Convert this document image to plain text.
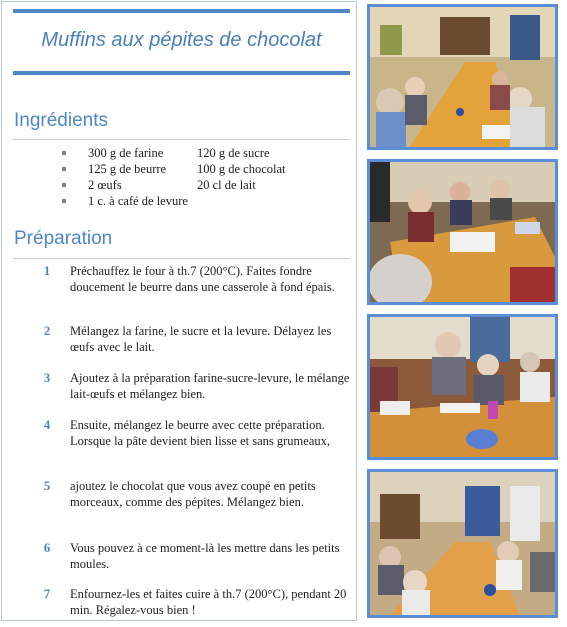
Muffins aux pépites de chocolat
Ingrédients
300 g de farine	120 g de sucre
125 g de beurre	100 g de chocolat
2 œufs	20 cl de lait
1 c. à café de levure
Préparation
1	Préchauffez le four à th.7 (200°C). Faites fondre doucement le beurre dans une casserole à fond épais.
2	Mélangez la farine, le sucre et la levure. Délayez les œufs avec le lait.
3	Ajoutez à la préparation farine-sucre-levure, le mélange lait-œufs et mélangez bien.
4	Ensuite, mélangez le beurre avec cette préparation. Lorsque la pâte devient bien lisse et sans grumeaux,
5	ajoutez le chocolat que vous avez coupé en petits morceaux, comme des pépites. Mélangez bien.
6	Vous pouvez à ce moment-là les mettre dans les petits moules.
7	Enfournez-les et faites cuire à th.7 (200°C), pendant 20 min. Régalez-vous bien !
